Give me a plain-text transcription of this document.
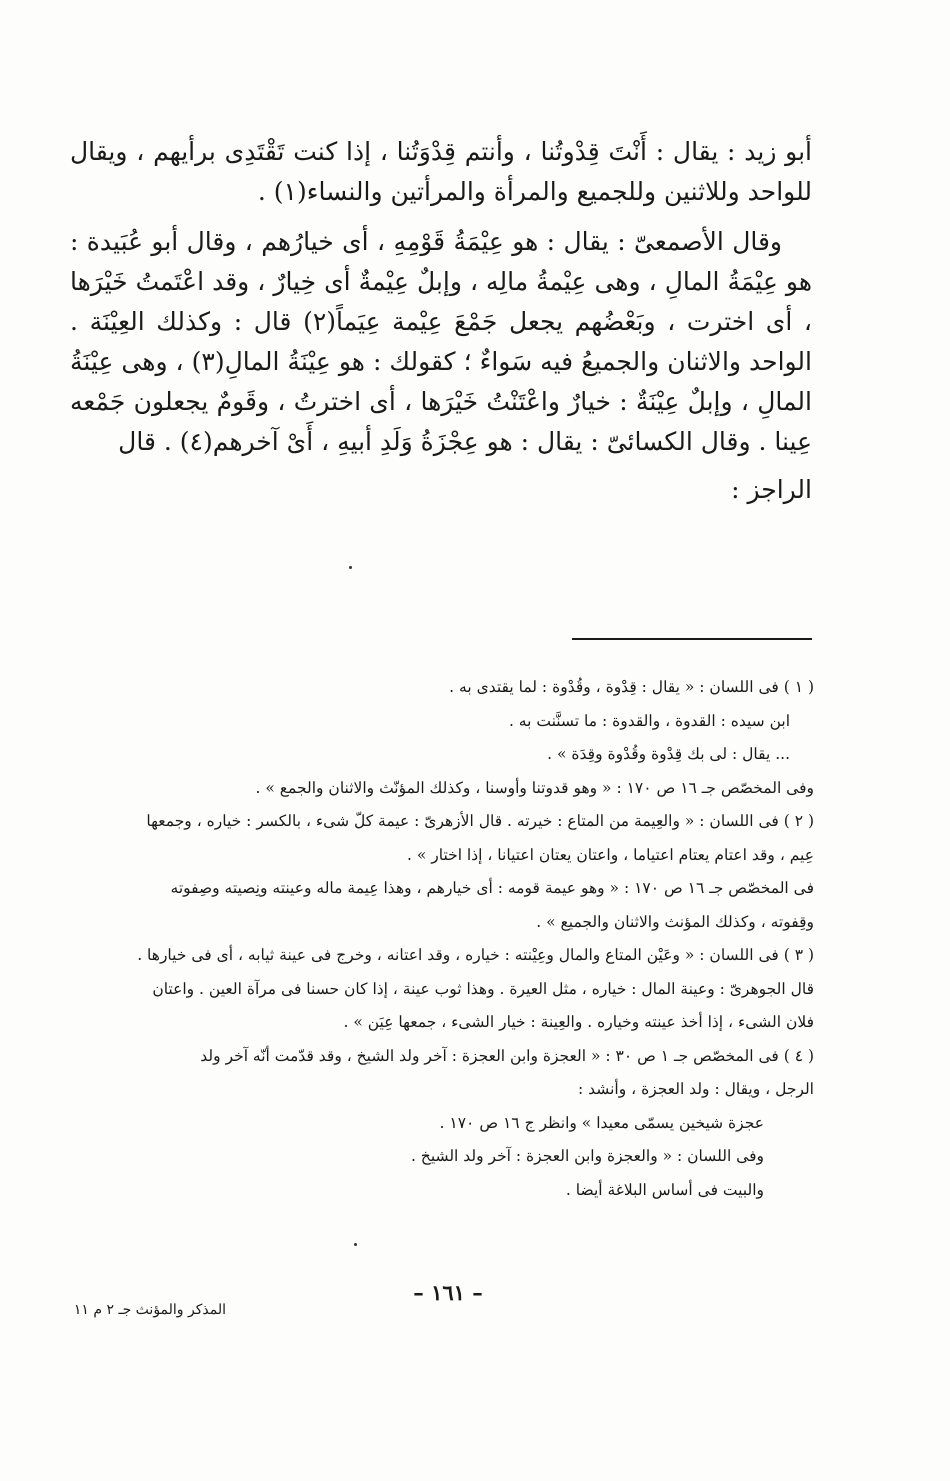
أبو زيد : يقال : أَنْتَ قِدْوتُنا ، وأنتم قِدْوَتُنا ، إذا كنت تَقْتَدِى برأيهم ، ويقال للواحد وللاثنين وللجميع والمرأة والمرأتين والنساء(١) .

وقال الأصمعىّ : يقال : هو عِيْمَةُ قَوْمِهِ ، أى خيارُهم ، وقال أبو عُبَيدة : هو عِيْمَةُ المالِ ، وهى عِيْمةُ مالِه ، وإبلٌ عِيْمةٌ أى خِيارٌ ، وقد اعْتَمتُ خَيْرَها ، أى اخترت ، وبَعْضُهم يجعل جَمْعَ عِيْمة عِيَماً(٢) قال : وكذلك العِيْنَة . الواحد والاثنان والجميعُ فيه سَواءٌ ؛ كقولك : هو عِيْنَةُ المالِ(٣) ، وهى عِيْنَةُ المالِ ، وإبلٌ عِيْنَةٌ : خيارٌ واعْتَنْتُ خَيْرَها ، أى اخترتُ ، وقَومٌ يجعلون جَمْعه عِينا . وقال الكسائىّ : يقال : هو عِجْزَةُ وَلَدِ أبيهِ ، أَىْ آخرهم(٤) . قال

الراجز :

( ١ ) فى اللسان : « يقال : قِدْوة ، وقُدْوة : لما يقتدى به .
ابن سيده : القدوة ، والقدوة : ما تسنَّنت به .
... يقال : لى بك قِدْوة وقُدْوة وقِدَة » .
وفى المخصّص جـ ١٦ ص ١٧٠ : « وهو قدوتنا وأوسنا ، وكذلك المؤنّث والاثنان والجمع » .
( ٢ ) فى اللسان : « والعِيمة من المتاع : خيرته . قال الأزهرىّ : عيمة كلّ شىء ، بالكسر : خياره ، وجمعها
عِيم ، وقد اعتام يعتام اعتياما ، واعتان يعتان اعتيانا ، إذا اختار » .
فى المخصّص جـ ١٦ ص ١٧٠ : « وهو عيمة قومه : أى خيارهم ، وهذا عِيمة ماله وعينته ونِصيته وصِفوته
وقِفوته ، وكذلك المؤنث والاثنان والجميع » .
( ٣ ) فى اللسان : « وعَيْن المتاع والمال وعِيْنته : خياره ، وقد اعتانه ، وخرج فى عينة ثيابه ، أى فى خيارها .
قال الجوهرىّ : وعينة المال : خياره ، مثل العيرة . وهذا ثوب عينة ، إذا كان حسنا فى مرآة العين . واعتان
فلان الشىء ، إذا أخذ عينته وخياره . والعِينة : خيار الشىء ، جمعها عِيَن » .
( ٤ ) فى المخصّص جـ ١ ص ٣٠ : « العجزة وابن العجزة : آخر ولد الشيخ ، وقد قدّمت أنّه آخر ولد
الرجل ، ويقال : ولد العجزة ، وأنشد :
عجزة شيخين يسمّى معيدا » وانظر ج ١٦ ص ١٧٠ .
وفى اللسان : « والعجزة وابن العجزة : آخر ولد الشيخ .
والبيت فى أساس البلاغة أيضا .
– ١٦١ –
المذكر والمؤنث جـ ٢ م ١١
